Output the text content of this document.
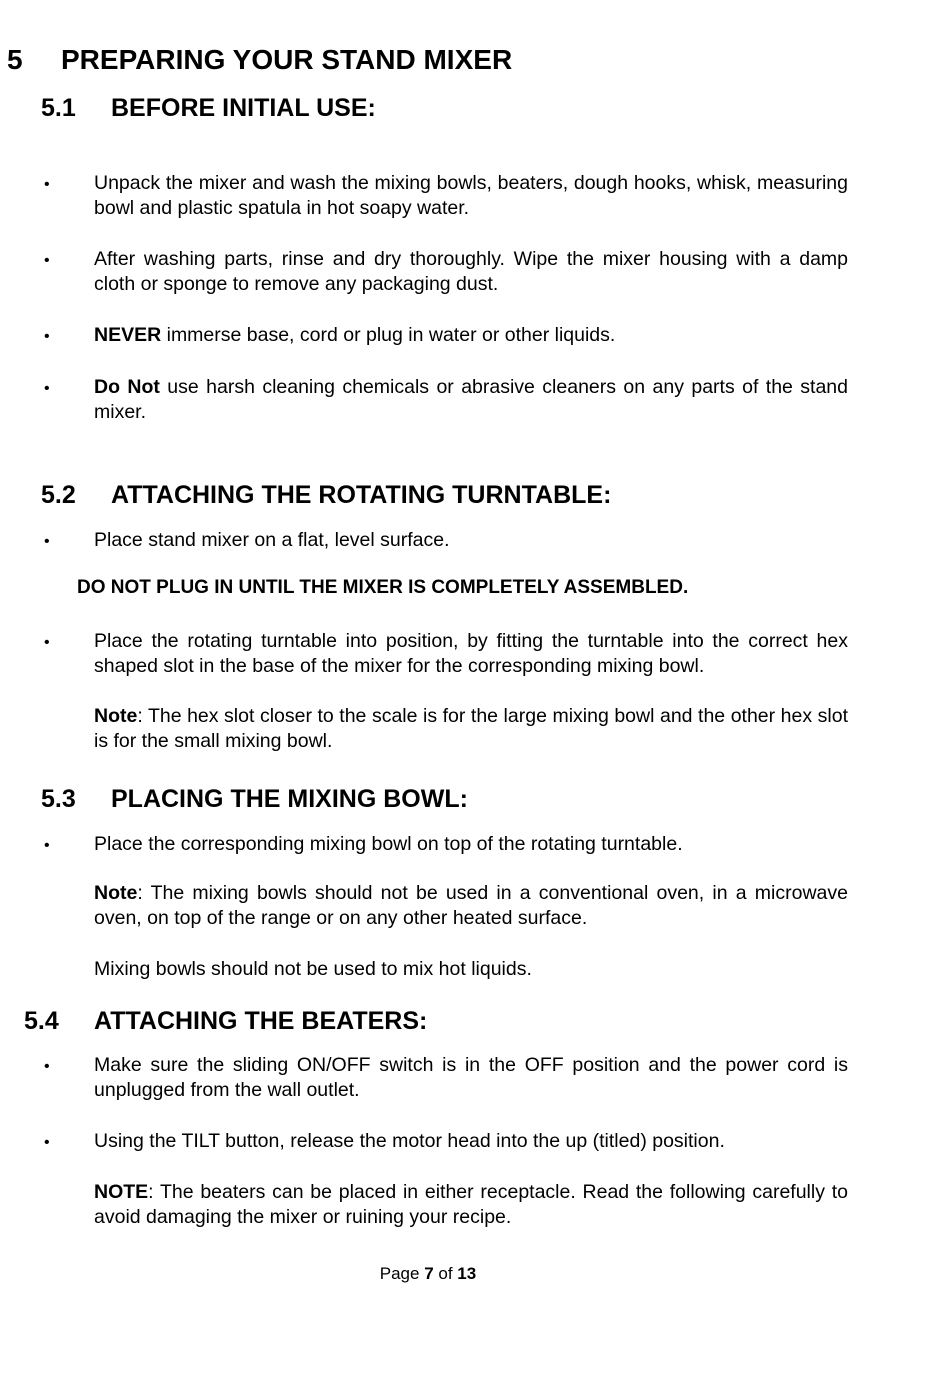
5 PREPARING YOUR STAND MIXER
5.1 BEFORE INITIAL USE:
• Unpack the mixer and wash the mixing bowls, beaters, dough hooks, whisk, measuring bowl and plastic spatula in hot soapy water.
• After washing parts, rinse and dry thoroughly. Wipe the mixer housing with a damp cloth or sponge to remove any packaging dust.
• NEVER immerse base, cord or plug in water or other liquids.
• Do Not use harsh cleaning chemicals or abrasive cleaners on any parts of the stand mixer.
5.2 ATTACHING THE ROTATING TURNTABLE:
• Place stand mixer on a flat, level surface.
DO NOT PLUG IN UNTIL THE MIXER IS COMPLETELY ASSEMBLED.
• Place the rotating turntable into position, by fitting the turntable into the correct hex shaped slot in the base of the mixer for the corresponding mixing bowl.
Note: The hex slot closer to the scale is for the large mixing bowl and the other hex slot is for the small mixing bowl.
5.3 PLACING THE MIXING BOWL:
• Place the corresponding mixing bowl on top of the rotating turntable.
Note: The mixing bowls should not be used in a conventional oven, in a microwave oven, on top of the range or on any other heated surface.
Mixing bowls should not be used to mix hot liquids.
5.4 ATTACHING THE BEATERS:
• Make sure the sliding ON/OFF switch is in the OFF position and the power cord is unplugged from the wall outlet.
• Using the TILT button, release the motor head into the up (titled) position.
NOTE: The beaters can be placed in either receptacle. Read the following carefully to avoid damaging the mixer or ruining your recipe.
Page 7 of 13
